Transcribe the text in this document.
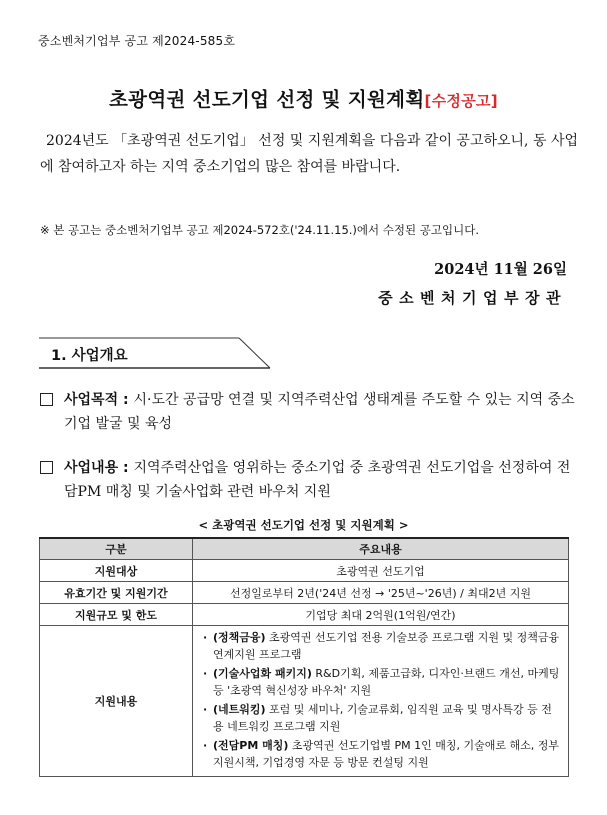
중소벤처기업부 공고 제2024-585호
초광역권 선도기업 선정 및 지원계획[수정공고]

2024년도 「초광역권 선도기업」 선정 및 지원계획을 다음과 같이 공고하오니, 동 사업에 참여하고자 하는 지역 중소기업의 많은 참여를 바랍니다.

※ 본 공고는 중소벤처기업부 공고 제2024-572호('24.11.15.)에서 수정된 공고입니다.
2024년 11월 26일
중소벤처기업부장관
1. 사업개요
사업목적 : 시·도간 공급망 연결 및 지역주력산업 생태계를 주도할 수 있는 지역 중소기업 발굴 및 육성
사업내용 : 지역주력산업을 영위하는 중소기업 중 초광역권 선도기업을 선정하여 전담PM 매칭 및 기술사업화 관련 바우처 지원
< 초광역권 선도기업 선정 및 지원계획 >
구분	주요내용
지원대상	초광역권 선도기업
유효기간 및 지원기간	선정일로부터 2년('24년 선정 → '25년~'26년) / 최대2년 지원
지원규모 및 한도	기업당 최대 2억원(1억원/연간)
지원내용	· (정책금융) 초광역권 선도기업 전용 기술보증 프로그램 지원 및 정책금융 연계지원 프로그램
· (기술사업화 패키지) R&D기획, 제품고급화, 디자인·브랜드 개선, 마케팅 등 '초광역 혁신성장 바우처' 지원
· (네트워킹) 포럼 및 세미나, 기술교류회, 임직원 교육 및 명사특강 등 전용 네트워킹 프로그램 지원
· (전담PM 매칭) 초광역권 선도기업별 PM 1인 매칭, 기술애로 해소, 정부지원시책, 기업경영 자문 등 방문 컨설팅 지원
